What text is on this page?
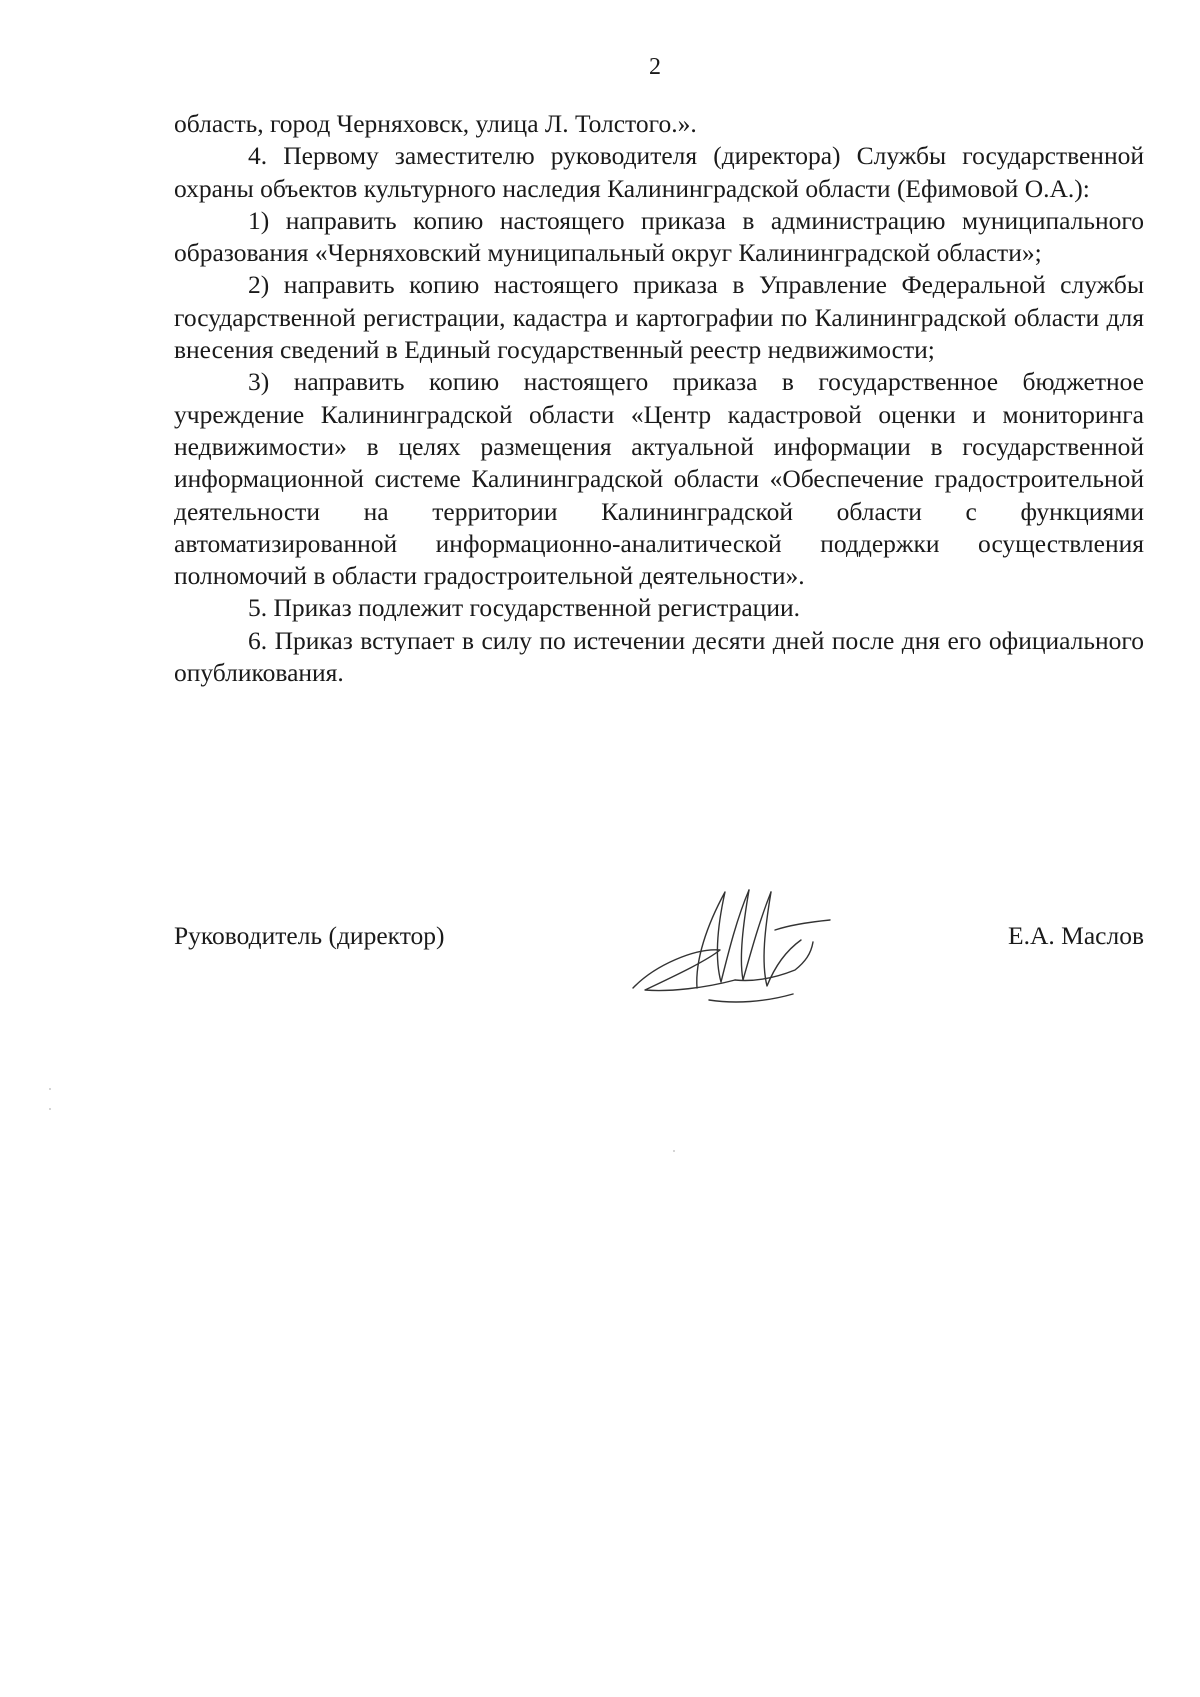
2

область, город Черняховск, улица Л. Толстого.».

4. Первому заместителю руководителя (директора) Службы государственной охраны объектов культурного наследия Калининградской области (Ефимовой О.А.):

1) направить копию настоящего приказа в администрацию муниципального образования «Черняховский муниципальный округ Калининградской области»;

2) направить копию настоящего приказа в Управление Федеральной службы государственной регистрации, кадастра и картографии по Калининградской области для внесения сведений в Единый государственный реестр недвижимости;

3) направить копию настоящего приказа в государственное бюджетное учреждение Калининградской области «Центр кадастровой оценки и мониторинга недвижимости» в целях размещения актуальной информации в государственной информационной системе Калининградской области «Обеспечение градостроительной деятельности на территории Калининградской области с функциями автоматизированной информационно-аналитической поддержки осуществления полномочий в области градостроительной деятельности».

5. Приказ подлежит государственной регистрации.

6. Приказ вступает в силу по истечении десяти дней после дня его официального опубликования.

Руководитель (директор)	Е.А. Маслов
